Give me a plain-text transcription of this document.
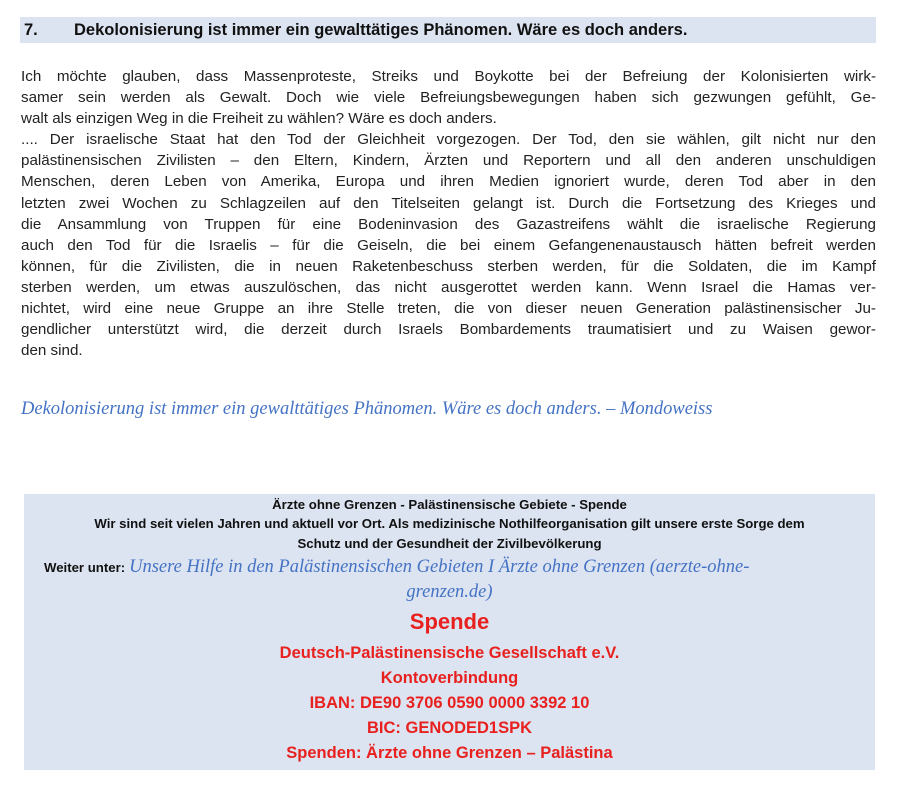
7. Dekolonisierung ist immer ein gewalttätiges Phänomen. Wäre es doch anders.
Ich möchte glauben, dass Massenproteste, Streiks und Boykotte bei der Befreiung der Kolonisierten wirk-
samer sein werden als Gewalt. Doch wie viele Befreiungsbewegungen haben sich gezwungen gefühlt, Ge-
walt als einzigen Weg in die Freiheit zu wählen? Wäre es doch anders.
.... Der israelische Staat hat den Tod der Gleichheit vorgezogen. Der Tod, den sie wählen, gilt nicht nur den
palästinensischen Zivilisten – den Eltern, Kindern, Ärzten und Reportern und all den anderen unschuldigen
Menschen, deren Leben von Amerika, Europa und ihren Medien ignoriert wurde, deren Tod aber in den
letzten zwei Wochen zu Schlagzeilen auf den Titelseiten gelangt ist. Durch die Fortsetzung des Krieges und
die Ansammlung von Truppen für eine Bodeninvasion des Gazastreifens wählt die israelische Regierung
auch den Tod für die Israelis – für die Geiseln, die bei einem Gefangenenaustausch hätten befreit werden
können, für die Zivilisten, die in neuen Raketenbeschuss sterben werden, für die Soldaten, die im Kampf
sterben werden, um etwas auszulöschen, das nicht ausgerottet werden kann. Wenn Israel die Hamas ver-
nichtet, wird eine neue Gruppe an ihre Stelle treten, die von dieser neuen Generation palästinensischer Ju-
gendlicher unterstützt wird, die derzeit durch Israels Bombardements traumatisiert und zu Waisen gewor-
den sind.
Dekolonisierung ist immer ein gewalttätiges Phänomen. Wäre es doch anders. – Mondoweiss
Ärzte ohne Grenzen - Palästinensische Gebiete - Spende
Wir sind seit vielen Jahren und aktuell vor Ort. Als medizinische Nothilfeorganisation gilt unsere erste Sorge dem
Schutz und der Gesundheit der Zivilbevölkerung
Weiter unter: Unsere Hilfe in den Palästinensischen Gebieten I Ärzte ohne Grenzen (aerzte-ohne-
grenzen.de)
Spende
Deutsch-Palästinensische Gesellschaft e.V.
Kontoverbindung
IBAN: DE90 3706 0590 0000 3392 10
BIC: GENODED1SPK
Spenden: Ärzte ohne Grenzen – Palästina
